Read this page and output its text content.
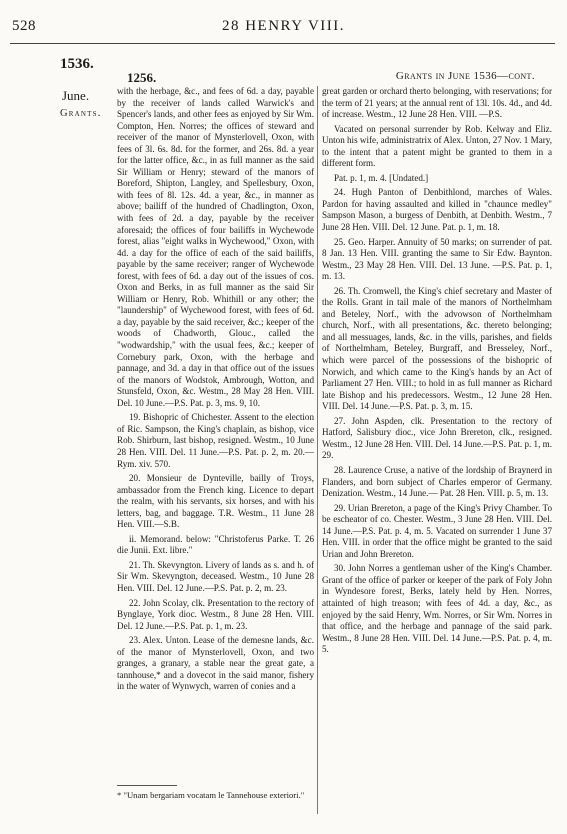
528	28 HENRY VIII.
1536.
June.
Grants.
1256.	Grants in June 1536—cont.

with the herbage, &c., and fees of 6d. a day, payable by the receiver of lands called Warwick's and Spencer's lands, and other fees as enjoyed by Sir Wm. Compton, Hen. Norres; the offices of steward and receiver of the manor of Mynsterlovell, Oxon, with fees of 3l. 6s. 8d. for the former, and 26s. 8d. a year for the latter office, &c., in as full manner as the said Sir William or Henry; steward of the manors of Boreford, Shipton, Langley, and Spellesbury, Oxon, with fees of 8l. 12s. 4d. a year, &c., in manner as above; bailiff of the hundred of Chadlington, Oxon, with fees of 2d. a day, payable by the receiver aforesaid; the offices of four bailiffs in Wychewode forest, alias "eight walks in Wychewood," Oxon, with 4d. a day for the office of each of the said bailiffs, payable by the same receiver; ranger of Wychewode forest, with fees of 6d. a day out of the issues of cos. Oxon and Berks, in as full manner as the said Sir William or Henry, Rob. Whithill or any other; the "laundership" of Wychewood forest, with fees of 6d. a day, payable by the said receiver, &c.; keeper of the woods of Chadworth, Glouc., called the "wodwardship," with the usual fees, &c.; keeper of Cornebury park, Oxon, with the herbage and pannage, and 3d. a day in that office out of the issues of the manors of Wodstok, Ambrough, Wotton, and Stunsfeld, Oxon, &c. Westm., 28 May 28 Hen. VIII. Del. 10 June.—P.S. Pat. p. 3, ms. 9, 10.

19. Bishopric of Chichester. Assent to the election of Ric. Sampson, the King's chaplain, as bishop, vice Rob. Shirburn, last bishop, resigned. Westm., 10 June 28 Hen. VIII. Del. 11 June.—P.S. Pat. p. 2, m. 20.—Rym. xiv. 570.

20. Monsieur de Dynteville, bailly of Troys, ambassador from the French king. Licence to depart the realm, with his servants, six horses, and with his letters, bag, and baggage. T.R. Westm., 11 June 28 Hen. VIII.—S.B.

ii. Memorand. below: "Christoferus Parke. T. 26 die Junii. Ext. libre."

21. Th. Skevyngton. Livery of lands as s. and h. of Sir Wm. Skevyngton, deceased. Westm., 10 June 28 Hen. VIII. Del. 12 June.—P.S. Pat. p. 2, m. 23.

22. John Scolay, clk. Presentation to the rectory of Bynglaye, York dioc. Westm., 8 June 28 Hen. VIII. Del. 12 June.—P.S. Pat. p. 1, m. 23.

23. Alex. Unton. Lease of the demesne lands, &c. of the manor of Mynsterlovell, Oxon, and two granges, a granary, a stable near the great gate, a tannhouse,* and a dovecot in the said manor, fishery in the water of Wynwych, warren of conies and a

great garden or orchard therto belonging, with reservations; for the term of 21 years; at the annual rent of 13l. 10s. 4d., and 4d. of increase. Westm., 12 June 28 Hen. VIII. —P.S.

Vacated on personal surrender by Rob. Kelway and Eliz. Unton his wife, administratrix of Alex. Unton, 27 Nov. 1 Mary, to the intent that a patent might be granted to them in a different form.

Pat. p. 1, m. 4. [Undated.]

24. Hugh Panton of Denbithlond, marches of Wales. Pardon for having assaulted and killed in "chaunce medley" Sampson Mason, a burgess of Denbith, at Denbith. Westm., 7 June 28 Hen. VIII. Del. 12 June. Pat. p. 1, m. 18.

25. Geo. Harper. Annuity of 50 marks; on surrender of pat. 8 Jan. 13 Hen. VIII. granting the same to Sir Edw. Baynton. Westm., 23 May 28 Hen. VIII. Del. 13 June. —P.S. Pat. p. 1, m. 13.

26. Th. Cromwell, the King's chief secretary and Master of the Rolls. Grant in tail male of the manors of Northelmham and Beteley, Norf., with the advowson of Northelmham church, Norf., with all presentations, &c. thereto belonging; and all messuages, lands, &c. in the vills, parishes, and fields of Northelmham, Beteley, Burgraff, and Bresseley, Norf., which were parcel of the possessions of the bishopric of Norwich, and which came to the King's hands by an Act of Parliament 27 Hen. VIII.; to hold in as full manner as Richard late Bishop and his predecessors. Westm., 12 June 28 Hen. VIII. Del. 14 June.—P.S. Pat. p. 3, m. 15.

27. John Aspden, clk. Presentation to the rectory of Hatford, Salisbury dioc., vice John Brereton, clk., resigned. Westm., 12 June 28 Hen. VIII. Del. 14 June.—P.S. Pat. p. 1, m. 29.

28. Laurence Cruse, a native of the lordship of Braynerd in Flanders, and born subject of Charles emperor of Germany. Denization. Westm., 14 June.— Pat. 28 Hen. VIII. p. 5, m. 13.

29. Urian Brereton, a page of the King's Privy Chamber. To be escheator of co. Chester. Westm., 3 June 28 Hen. VIII. Del. 14 June.—P.S. Pat. p. 4, m. 5. Vacated on surrender 1 June 37 Hen. VIII. in order that the office might be granted to the said Urian and John Brereton.

30. John Norres a gentleman usher of the King's Chamber. Grant of the office of parker or keeper of the park of Foly John in Wyndesore forest, Berks, lately held by Hen. Norres, attainted of high treason; with fees of 4d. a day, &c., as enjoyed by the said Henry, Wm. Norres, or Sir Wm. Norres in that office, and the herbage and pannage of the said park. Westm., 8 June 28 Hen. VIII. Del. 14 June.—P.S. Pat. p. 4, m. 5.

* "Unam bergariam vocatam le Tannehouse exteriori."
